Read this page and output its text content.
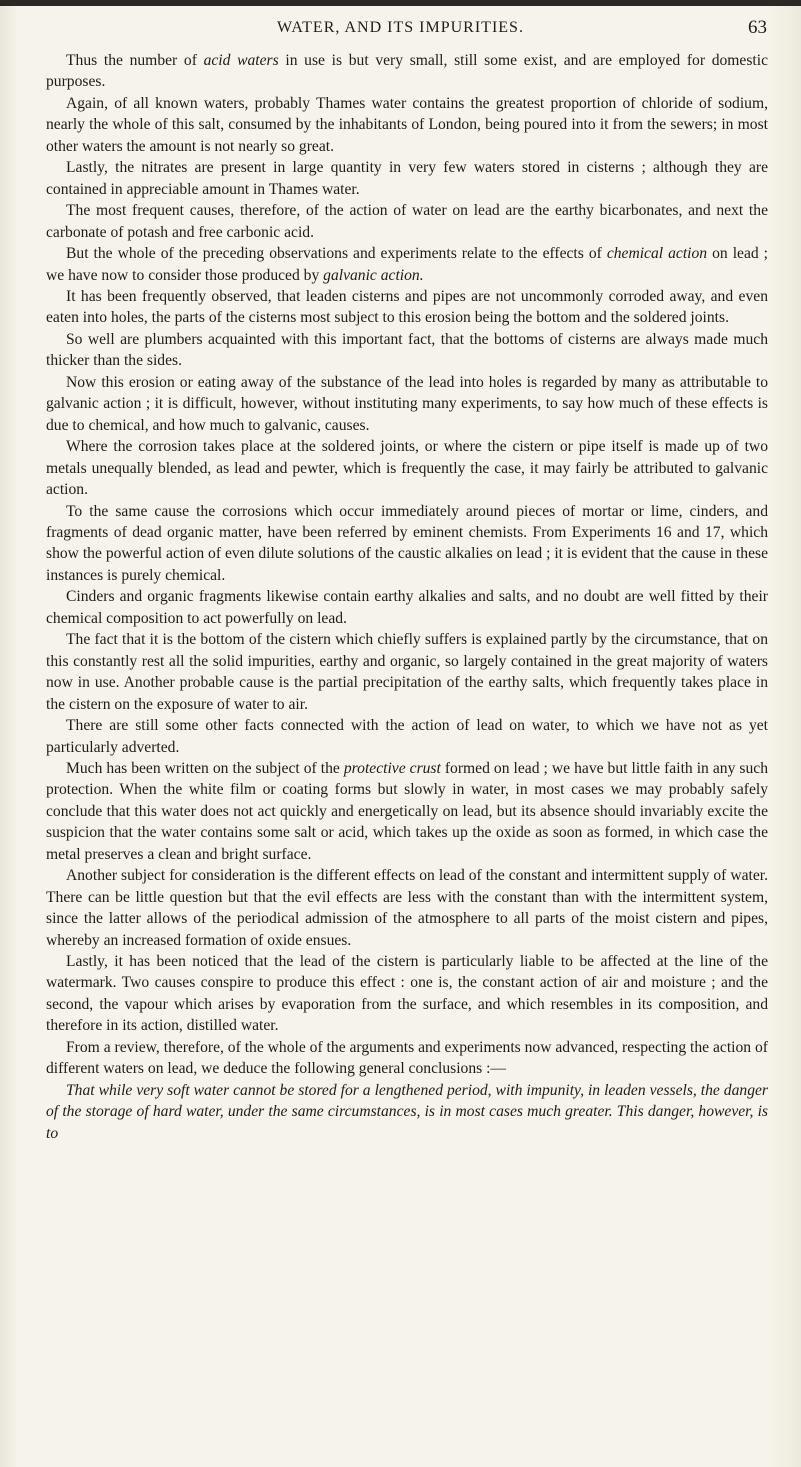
WATER, AND ITS IMPURITIES.	63

Thus the number of acid waters in use is but very small, still some exist, and are employed for domestic purposes.

Again, of all known waters, probably Thames water contains the greatest proportion of chloride of sodium, nearly the whole of this salt, consumed by the inhabitants of London, being poured into it from the sewers; in most other waters the amount is not nearly so great.

Lastly, the nitrates are present in large quantity in very few waters stored in cisterns ; although they are contained in appreciable amount in Thames water.

The most frequent causes, therefore, of the action of water on lead are the earthy bicarbonates, and next the carbonate of potash and free carbonic acid.

But the whole of the preceding observations and experiments relate to the effects of chemical action on lead ; we have now to consider those produced by galvanic action.

It has been frequently observed, that leaden cisterns and pipes are not uncommonly corroded away, and even eaten into holes, the parts of the cisterns most subject to this erosion being the bottom and the soldered joints.

So well are plumbers acquainted with this important fact, that the bottoms of cisterns are always made much thicker than the sides.

Now this erosion or eating away of the substance of the lead into holes is regarded by many as attributable to galvanic action ; it is difficult, however, without instituting many experiments, to say how much of these effects is due to chemical, and how much to galvanic, causes.

Where the corrosion takes place at the soldered joints, or where the cistern or pipe itself is made up of two metals unequally blended, as lead and pewter, which is frequently the case, it may fairly be attributed to galvanic action.

To the same cause the corrosions which occur immediately around pieces of mortar or lime, cinders, and fragments of dead organic matter, have been referred by eminent chemists. From Experiments 16 and 17, which show the powerful action of even dilute solutions of the caustic alkalies on lead ; it is evident that the cause in these instances is purely chemical.

Cinders and organic fragments likewise contain earthy alkalies and salts, and no doubt are well fitted by their chemical composition to act powerfully on lead.

The fact that it is the bottom of the cistern which chiefly suffers is explained partly by the circumstance, that on this constantly rest all the solid impurities, earthy and organic, so largely contained in the great majority of waters now in use. Another probable cause is the partial precipitation of the earthy salts, which frequently takes place in the cistern on the exposure of water to air.

There are still some other facts connected with the action of lead on water, to which we have not as yet particularly adverted.

Much has been written on the subject of the protective crust formed on lead ; we have but little faith in any such protection. When the white film or coating forms but slowly in water, in most cases we may probably safely conclude that this water does not act quickly and energetically on lead, but its absence should invariably excite the suspicion that the water contains some salt or acid, which takes up the oxide as soon as formed, in which case the metal preserves a clean and bright surface.

Another subject for consideration is the different effects on lead of the constant and intermittent supply of water. There can be little question but that the evil effects are less with the constant than with the intermittent system, since the latter allows of the periodical admission of the atmosphere to all parts of the moist cistern and pipes, whereby an increased formation of oxide ensues.

Lastly, it has been noticed that the lead of the cistern is particularly liable to be affected at the line of the watermark. Two causes conspire to produce this effect : one is, the constant action of air and moisture ; and the second, the vapour which arises by evaporation from the surface, and which resembles in its composition, and therefore in its action, distilled water.

From a review, therefore, of the whole of the arguments and experiments now advanced, respecting the action of different waters on lead, we deduce the following general conclusions :—

That while very soft water cannot be stored for a lengthened period, with impunity, in leaden vessels, the danger of the storage of hard water, under the same circumstances, is in most cases much greater. This danger, however, is to
